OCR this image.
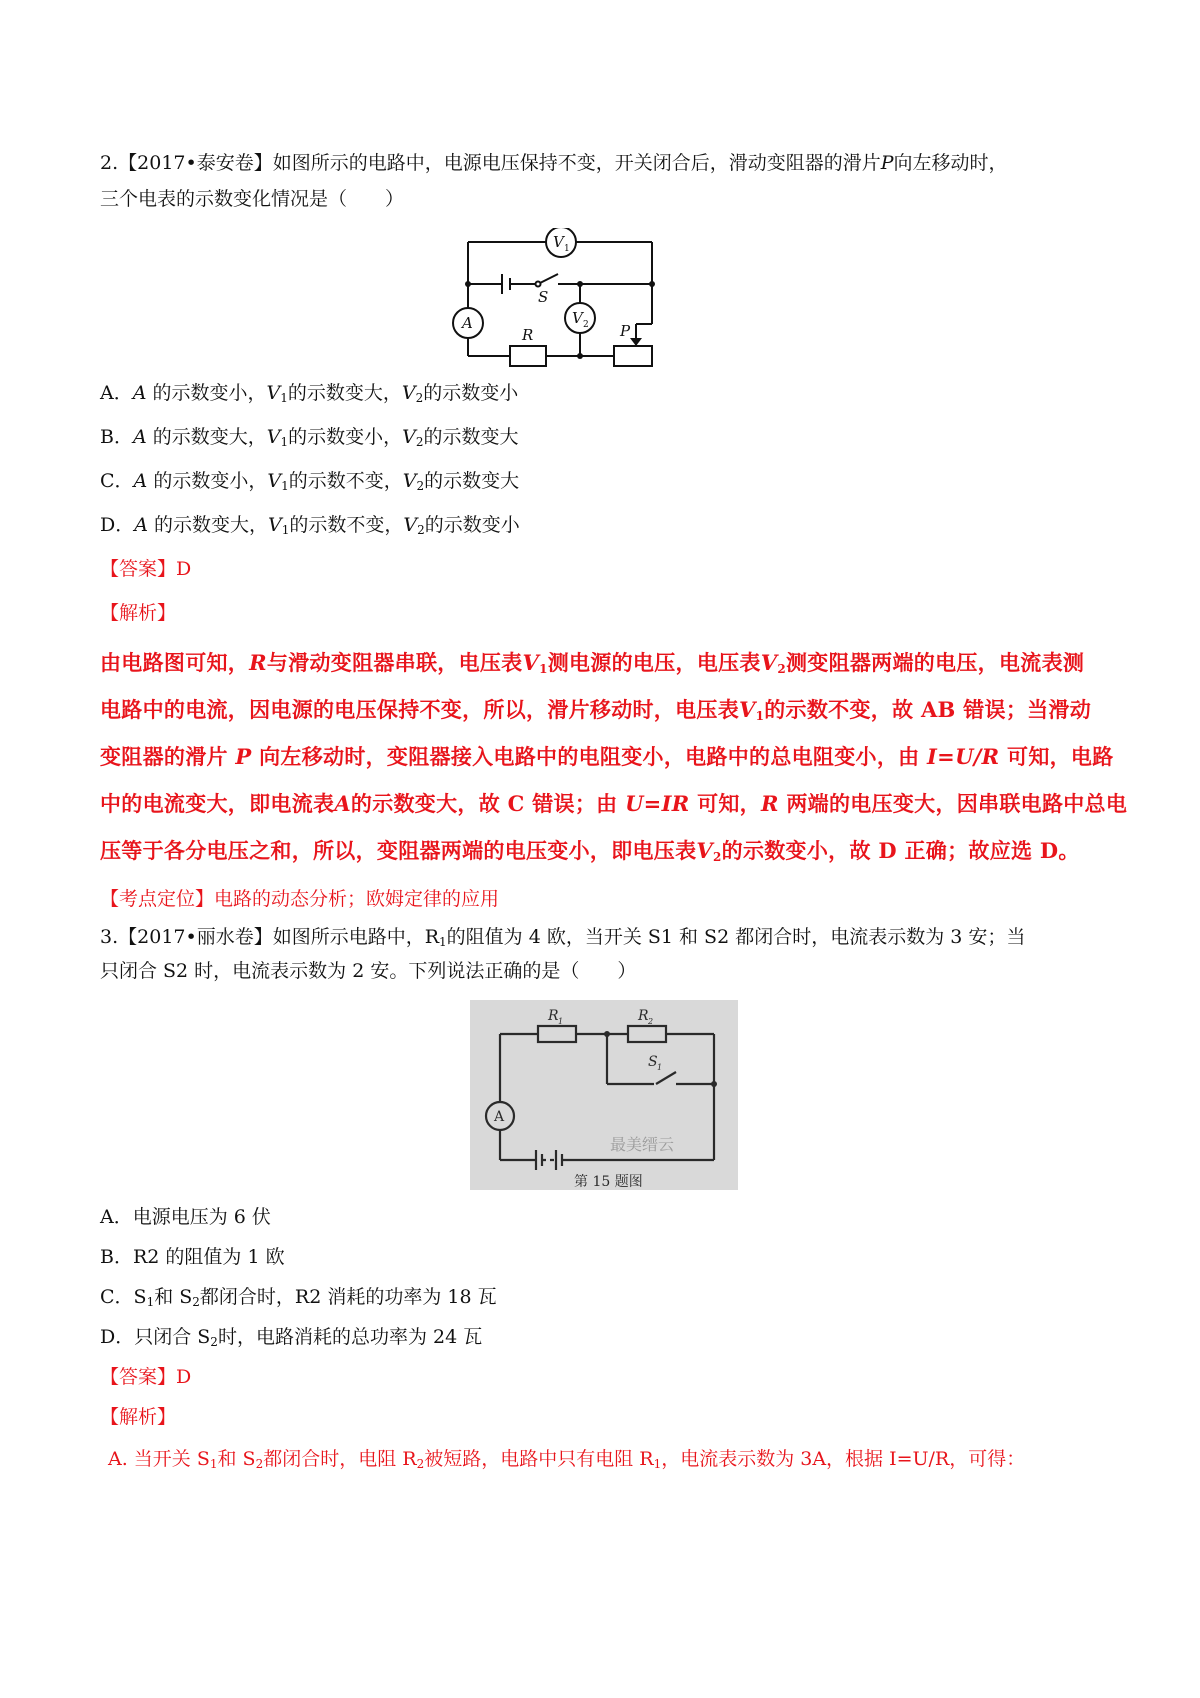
2.【2017•泰安卷】如图所示的电路中，电源电压保持不变，开关闭合后，滑动变阻器的滑片P向左移动时，
三个电表的示数变化情况是（　　）
V 1
S
V 2
A
R	P
A．A 的示数变小，$V_1$的示数变大，$V_2$的示数变小
B．A 的示数变大，$V_1$的示数变小，$V_2$的示数变大
C．A 的示数变小，$V_1$的示数不变，$V_2$的示数变大
D．A 的示数变大，$V_1$的示数不变，$V_2$的示数变小
【答案】D
【解析】
由电路图可知，R与滑动变阻器串联，电压表$V_1$测电源的电压，电压表$V_2$测变阻器两端的电压，电流表测
电路中的电流，因电源的电压保持不变，所以，滑片移动时，电压表$V_1$的示数不变，故 AB 错误；当滑动
变阻器的滑片 P 向左移动时，变阻器接入电路中的电阻变小，电路中的总电阻变小，由 I=U/R 可知，电路
中的电流变大，即电流表A的示数变大，故 C 错误；由 U=IR 可知，R 两端的电压变大，因串联电路中总电
压等于各分电压之和，所以，变阻器两端的电压变小，即电压表$V_2$的示数变小，故 D 正确；故应选 D。
【考点定位】电路的动态分析；欧姆定律的应用
3.【2017•丽水卷】如图所示电路中，$R_1$的阻值为 4 欧，当开关 S1 和 S2 都闭合时，电流表示数为 3 安；当
只闭合 S2 时，电流表示数为 2 安。下列说法正确的是（　　）
R 1	R 2
S 1
A
最美缙云
第 15 题图
A．电源电压为 6 伏
B．R2 的阻值为 1 欧
C．$S_1$和 $S_2$都闭合时，R2 消耗的功率为 18 瓦
D．只闭合 $S_2$时，电路消耗的总功率为 24 瓦
【答案】D
【解析】
A. 当开关 $S_1$和 $S_2$都闭合时，电阻 $R_2$被短路，电路中只有电阻 $R_1$，电流表示数为 3A，根据 I=U/R，可得：
